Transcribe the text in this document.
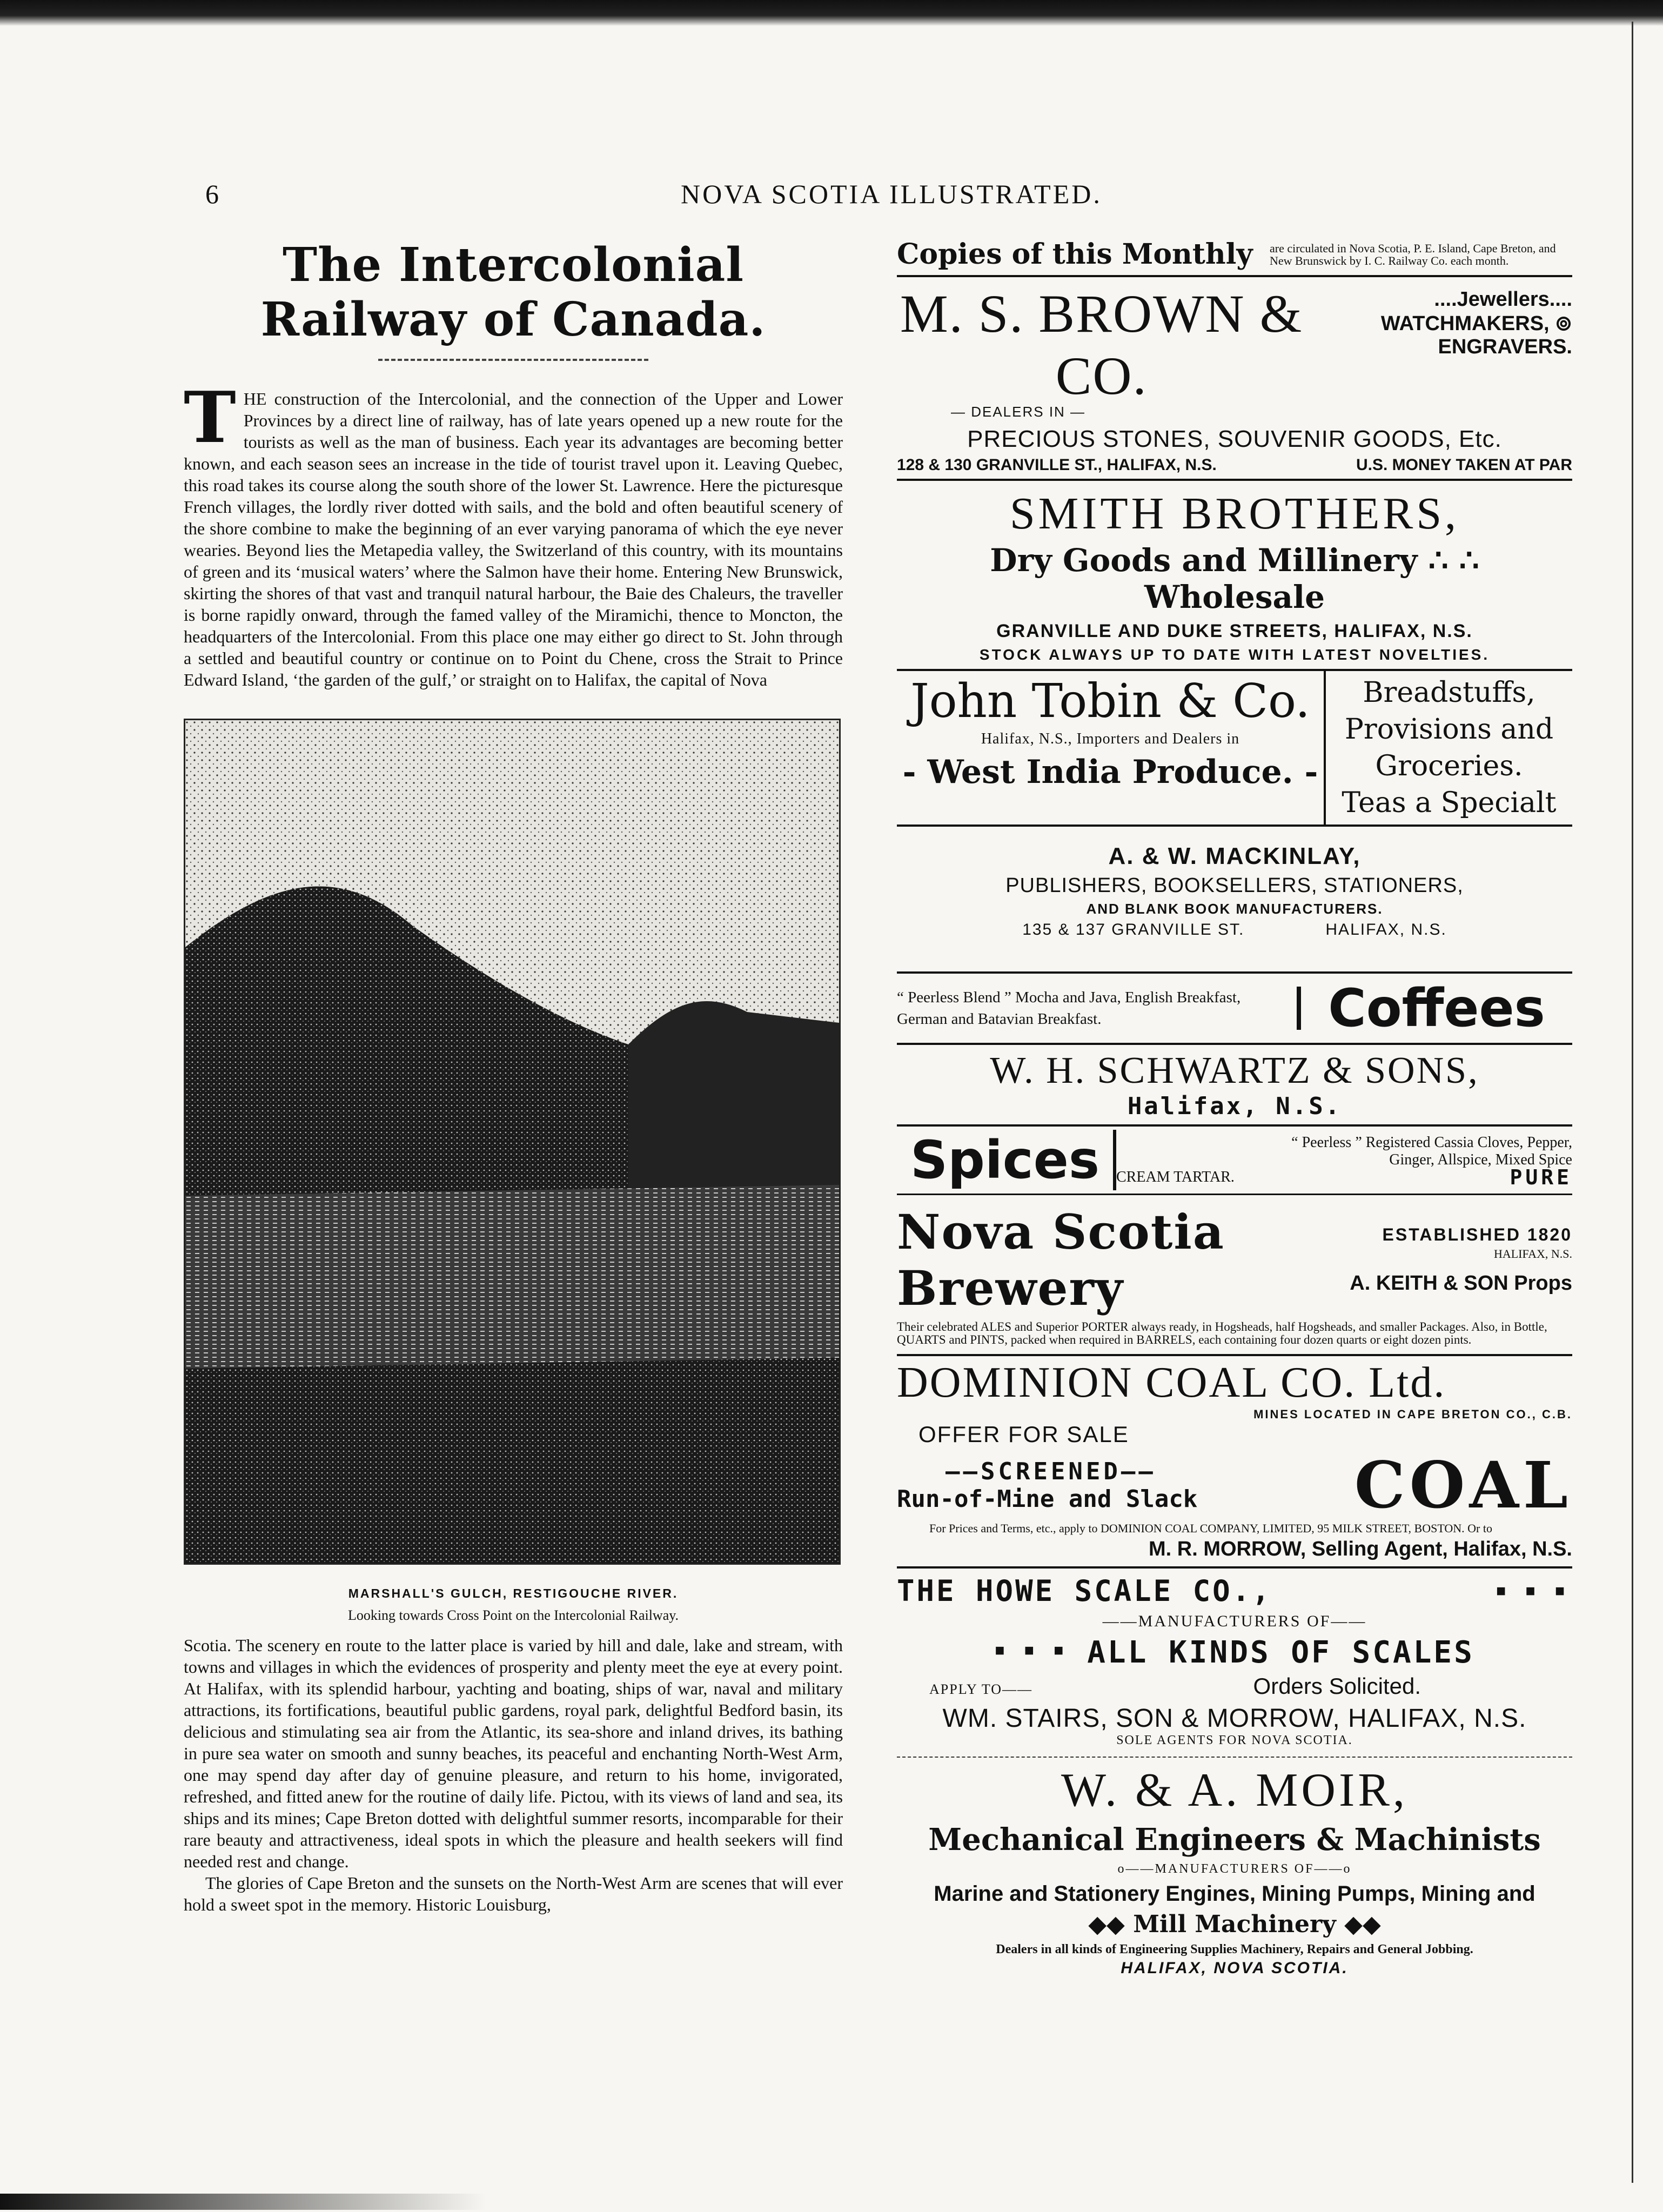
6	NOVA SCOTIA ILLUSTRATED.
The Intercolonial Railway of Canada.
THE construction of the Intercolonial, and the connection of the Upper and Lower Provinces by a direct line of railway, has of late years opened up a new route for the tourists as well as the man of business. Each year its advantages are becoming better known, and each season sees an increase in the tide of tourist travel upon it. Leaving Quebec, this road takes its course along the south shore of the lower St. Lawrence. Here the picturesque French villages, the lordly river dotted with sails, and the bold and often beautiful scenery of the shore combine to make the beginning of an ever varying panorama of which the eye never wearies. Beyond lies the Metapedia valley, the Switzerland of this country, with its mountains of green and its ‘musical waters’ where the Salmon have their home. Entering New Brunswick, skirting the shores of that vast and tranquil natural harbour, the Baie des Chaleurs, the traveller is borne rapidly onward, through the famed valley of the Miramichi, thence to Moncton, the headquarters of the Intercolonial. From this place one may either go direct to St. John through a settled and beautiful country or continue on to Point du Chene, cross the Strait to Prince Edward Island, ‘the garden of the gulf,’ or straight on to Halifax, the capital of Nova
MARSHALL'S GULCH, RESTIGOUCHE RIVER.
Looking towards Cross Point on the Intercolonial Railway.
Scotia. The scenery en route to the latter place is varied by hill and dale, lake and stream, with towns and villages in which the evidences of prosperity and plenty meet the eye at every point. At Halifax, with its splendid harbour, yachting and boating, ships of war, naval and military attractions, its fortifications, beautiful public gardens, royal park, delightful Bedford basin, its delicious and stimulating sea air from the Atlantic, its sea-shore and inland drives, its bathing in pure sea water on smooth and sunny beaches, its peaceful and enchanting North-West Arm, one may spend day after day of genuine pleasure, and return to his home, invigorated, refreshed, and fitted anew for the routine of daily life. Pictou, with its views of land and sea, its ships and its mines; Cape Breton dotted with delightful summer resorts, incomparable for their rare beauty and attractiveness, ideal spots in which the pleasure and health seekers will find needed rest and change.
The glories of Cape Breton and the sunsets on the North-West Arm are scenes that will ever hold a sweet spot in the memory. Historic Louisburg,
Copies of this Monthly are circulated in Nova Scotia, P. E. Island, Cape Breton, and New Brunswick by I. C. Railway Co. each month.
M. S. BROWN & CO.
....Jewellers....
WATCHMAKERS, ⊚ ENGRAVERS.
— DEALERS IN —
PRECIOUS STONES, SOUVENIR GOODS, Etc.
128 & 130 GRANVILLE ST., HALIFAX, N.S.	U.S. MONEY TAKEN AT PAR
SMITH BROTHERS,
Dry Goods and Millinery ∴ ∴ Wholesale
GRANVILLE AND DUKE STREETS, HALIFAX, N.S.
STOCK ALWAYS UP TO DATE WITH LATEST NOVELTIES.
John Tobin & Co.
Halifax, N.S., Importers and Dealers in
- West India Produce. -
Breadstuffs,
Provisions and
Groceries.
Teas a Specialt
A. & W. MACKINLAY,
PUBLISHERS, BOOKSELLERS, STATIONERS,
AND BLANK BOOK MANUFACTURERS.
135 & 137 GRANVILLE ST.	HALIFAX, N.S.
“ Peerless Blend ” Mocha and Java, English Breakfast, German and Batavian Breakfast.	Coffees
W. H. SCHWARTZ & SONS,
Halifax, N.S.
Spices	“ Peerless ” Registered Cassia Cloves, Pepper,
Ginger, Allspice, Mixed Spice
CREAM TARTAR.	PURE
Nova Scotia Brewery
ESTABLISHED 1820
HALIFAX, N.S.
A. KEITH & SON Props
Their celebrated ALES and Superior PORTER always ready, in Hogsheads, half Hogsheads, and smaller Packages. Also, in Bottle, QUARTS and PINTS, packed when required in BARRELS, each containing four dozen quarts or eight dozen pints.
DOMINION COAL CO. Ltd.
MINES LOCATED IN CAPE BRETON CO., C.B.
OFFER FOR SALE
——SCREENED——
Run-of-Mine and Slack COAL
For Prices and Terms, etc., apply to DOMINION COAL COMPANY, LIMITED, 95 MILK STREET, BOSTON. Or to
M. R. MORROW, Selling Agent, Halifax, N.S.
THE HOWE SCALE CO.,	■ ■ ■
——MANUFACTURERS OF——
■ ■ ■ ALL KINDS OF SCALES
APPLY TO——	Orders Solicited.
WM. STAIRS, SON & MORROW, HALIFAX, N.S.
SOLE AGENTS FOR NOVA SCOTIA.
W. & A. MOIR,
Mechanical Engineers & Machinists
o——MANUFACTURERS OF——o
Marine and Stationery Engines, Mining Pumps, Mining and
◆◆ Mill Machinery ◆◆
Dealers in all kinds of Engineering Supplies Machinery, Repairs and General Jobbing.
HALIFAX, NOVA SCOTIA.
